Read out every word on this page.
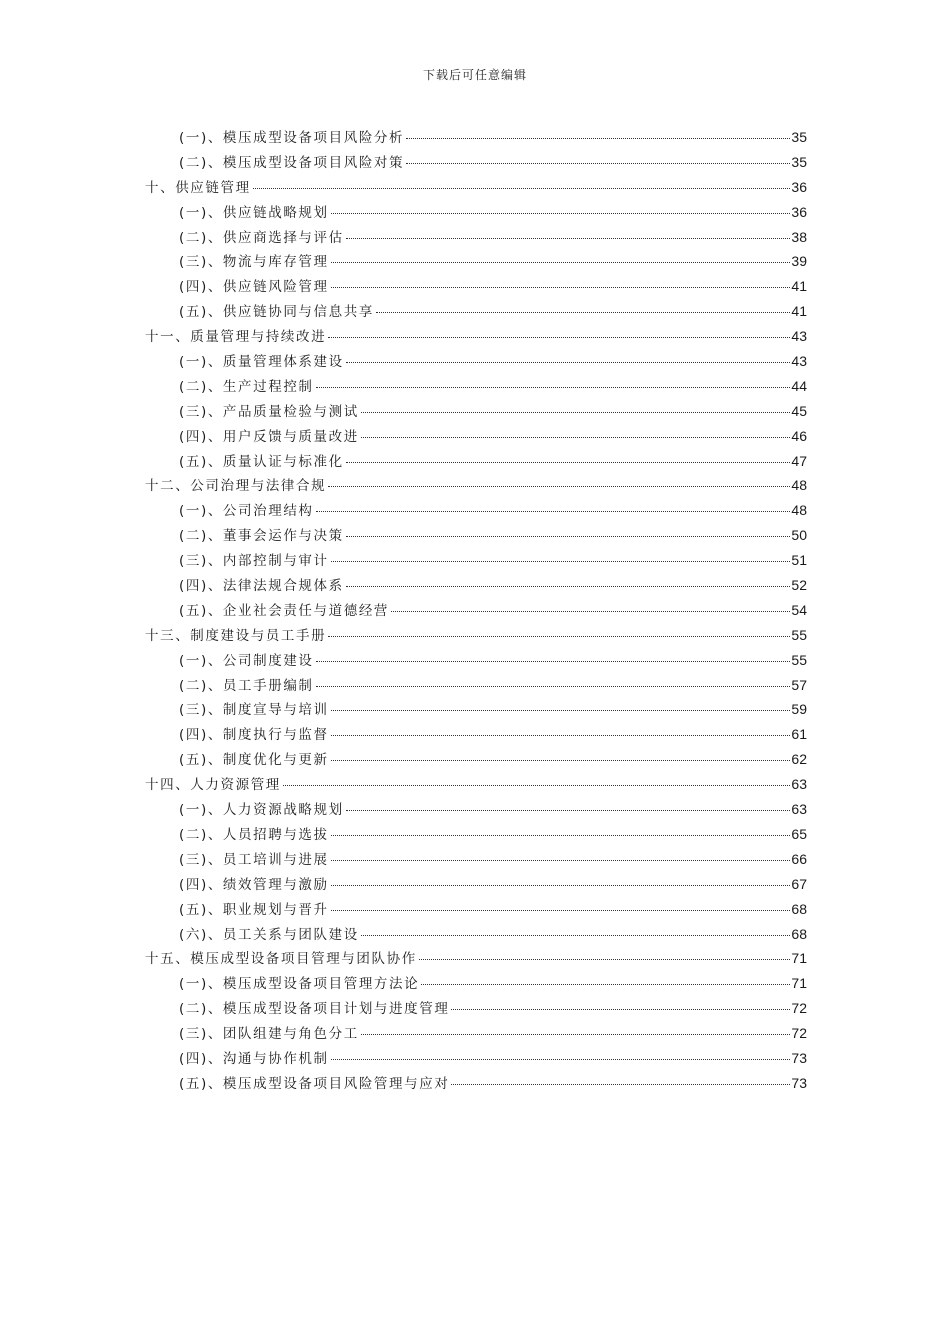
下载后可任意编辑
(一)、模压成型设备项目风险分析	35
(二)、模压成型设备项目风险对策	35
十、供应链管理	36
(一)、供应链战略规划	36
(二)、供应商选择与评估	38
(三)、物流与库存管理	39
(四)、供应链风险管理	41
(五)、供应链协同与信息共享	41
十一、质量管理与持续改进	43
(一)、质量管理体系建设	43
(二)、生产过程控制	44
(三)、产品质量检验与测试	45
(四)、用户反馈与质量改进	46
(五)、质量认证与标准化	47
十二、公司治理与法律合规	48
(一)、公司治理结构	48
(二)、董事会运作与决策	50
(三)、内部控制与审计	51
(四)、法律法规合规体系	52
(五)、企业社会责任与道德经营	54
十三、制度建设与员工手册	55
(一)、公司制度建设	55
(二)、员工手册编制	57
(三)、制度宣导与培训	59
(四)、制度执行与监督	61
(五)、制度优化与更新	62
十四、人力资源管理	63
(一)、人力资源战略规划	63
(二)、人员招聘与选拔	65
(三)、员工培训与进展	66
(四)、绩效管理与激励	67
(五)、职业规划与晋升	68
(六)、员工关系与团队建设	68
十五、模压成型设备项目管理与团队协作	71
(一)、模压成型设备项目管理方法论	71
(二)、模压成型设备项目计划与进度管理	72
(三)、团队组建与角色分工	72
(四)、沟通与协作机制	73
(五)、模压成型设备项目风险管理与应对	73
